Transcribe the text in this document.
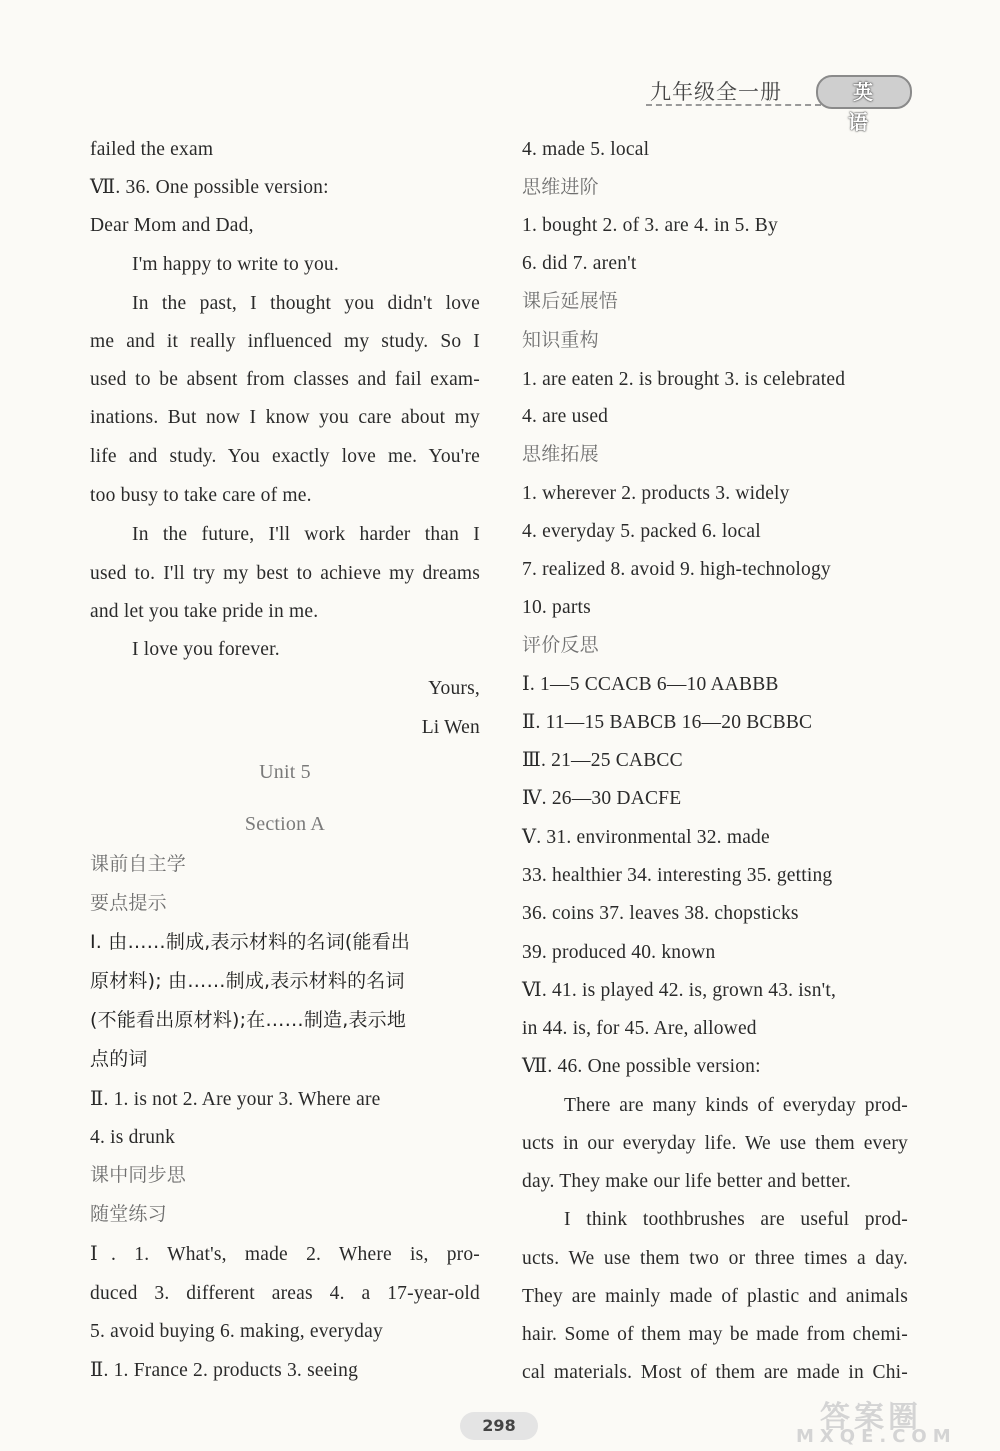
九年级全一册	英 语
failed the exam
Ⅶ. 36. One possible version:
Dear Mom and Dad,
I'm happy to write to you.
In the past, I thought you didn't love
me and it really influenced my study. So I
used to be absent from classes and fail exam-
inations. But now I know you care about my
life and study. You exactly love me. You're
too busy to take care of me.
In the future, I'll work harder than I
used to. I'll try my best to achieve my dreams
and let you take pride in me.
I love you forever.
Yours,
Li Wen
Unit 5
Section A
课前自主学
要点提示
Ⅰ. 由……制成,表示材料的名词(能看出
原材料); 由……制成,表示材料的名词
(不能看出原材料);在……制造,表示地
点的词
Ⅱ. 1. is not 2. Are your 3. Where are
4. is drunk
课中同步思
随堂练习
Ⅰ. 1. What's, made 2. Where is, pro-
duced 3. different areas 4. a 17-year-old
5. avoid buying 6. making, everyday
Ⅱ. 1. France 2. products 3. seeing
4. made 5. local
思维进阶
1. bought 2. of 3. are 4. in 5. By
6. did 7. aren't
课后延展悟
知识重构
1. are eaten 2. is brought 3. is celebrated
4. are used
思维拓展
1. wherever 2. products 3. widely
4. everyday 5. packed 6. local
7. realized 8. avoid 9. high-technology
10. parts
评价反思
Ⅰ. 1—5 CCACB 6—10 AABBB
Ⅱ. 11—15 BABCB 16—20 BCBBC
Ⅲ. 21—25 CABCC
Ⅳ. 26—30 DACFE
Ⅴ. 31. environmental 32. made
33. healthier 34. interesting 35. getting
36. coins 37. leaves 38. chopsticks
39. produced 40. known
Ⅵ. 41. is played 42. is, grown 43. isn't,
in 44. is, for 45. Are, allowed
Ⅶ. 46. One possible version:
There are many kinds of everyday prod-
ucts in our everyday life. We use them every
day. They make our life better and better.
I think toothbrushes are useful prod-
ucts. We use them two or three times a day.
They are mainly made of plastic and animals
hair. Some of them may be made from chemi-
cal materials. Most of them are made in Chi-
298	答案圈
MXQE.COM
